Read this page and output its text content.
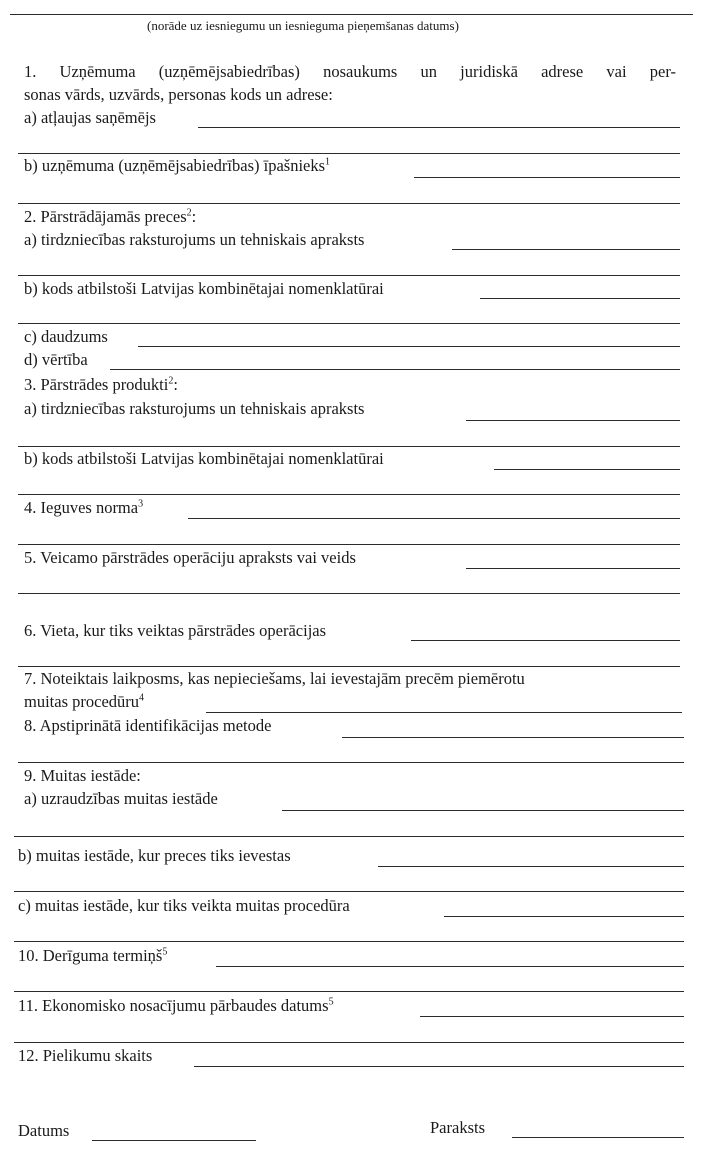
(norāde uz iesniegumu un iesnieguma pieņemšanas datums)
1. Uzņēmuma (uzņēmējsabiedrības) nosaukums un juridiskā adrese vai per-
sonas vārds, uzvārds, personas kods un adrese:
a) atļaujas saņēmējs
b) uzņēmuma (uzņēmējsabiedrības) īpašnieks$^1$
2. Pārstrādājamās preces$^2$:
a) tirdzniecības raksturojums un tehniskais apraksts
b) kods atbilstoši Latvijas kombinētajai nomenklatūrai
c) daudzums
d) vērtība
3. Pārstrādes produkti$^2$:
a) tirdzniecības raksturojums un tehniskais apraksts
b) kods atbilstoši Latvijas kombinētajai nomenklatūrai
4. Ieguves norma$^3$
5. Veicamo pārstrādes operāciju apraksts vai veids
6. Vieta, kur tiks veiktas pārstrādes operācijas
7. Noteiktais laikposms, kas nepieciešams, lai ievestajām precēm piemērotu
muitas procedūru$^4$
8. Apstiprinātā identifikācijas metode
9. Muitas iestāde:
a) uzraudzības muitas iestāde
b) muitas iestāde, kur preces tiks ievestas
c) muitas iestāde, kur tiks veikta muitas procedūra
10. Derīguma termiņš$^5$
11. Ekonomisko nosacījumu pārbaudes datums$^5$
12. Pielikumu skaits
Datums	Paraksts
